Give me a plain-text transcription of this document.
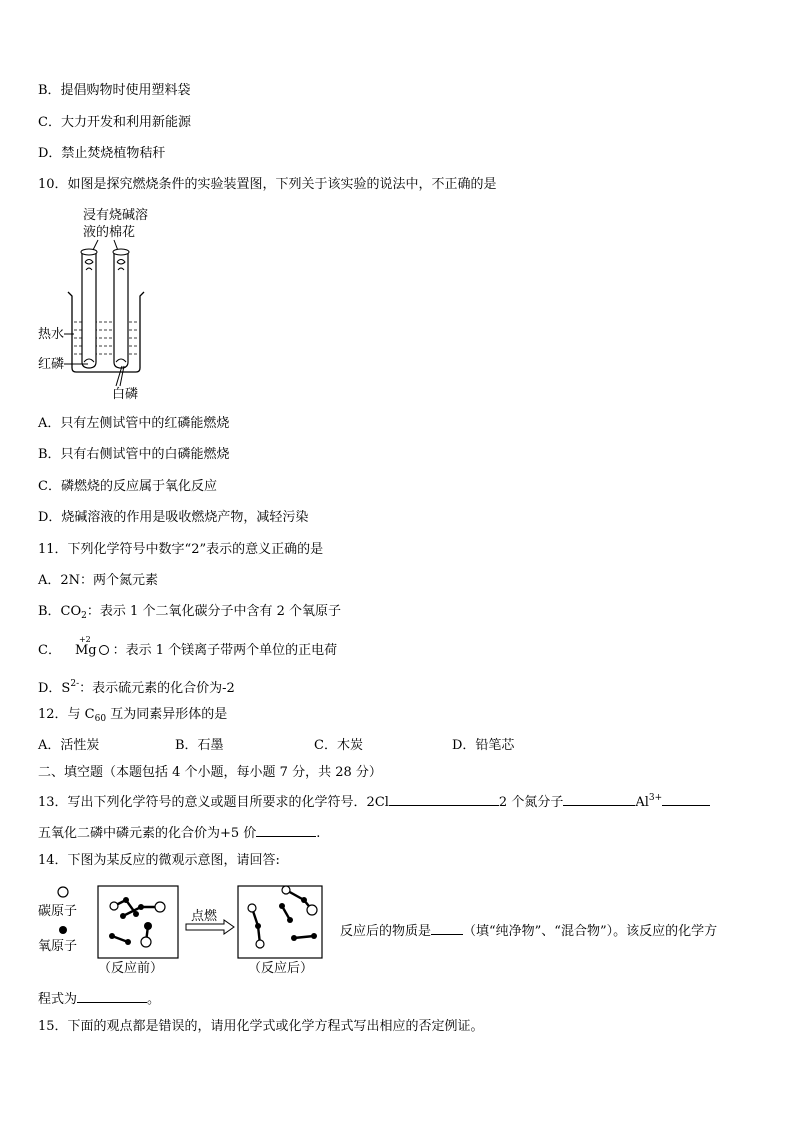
B．提倡购物时使用塑料袋
C．大力开发和利用新能源
D．禁止焚烧植物秸秆
10．如图是探究燃烧条件的实验装置图，下列关于该实验的说法中，不正确的是
浸有烧碱溶
液的棉花
热水
红磷
白磷
A．只有左侧试管中的红磷能燃烧
B．只有右侧试管中的白磷能燃烧
C．磷燃烧的反应属于氧化反应
D．烧碱溶液的作用是吸收燃烧产物，减轻污染
11．下列化学符号中数字“2”表示的意义正确的是
A．2N：两个氮元素
B．$CO_2$：表示 1 个二氧化碳分子中含有 2 个氧原子
C．
+2
Mg ：表示 1 个镁离子带两个单位的正电荷
D．$S^{2-}$：表示硫元素的化合价为-2
12．与 $C_{60}$ 互为同素异形体的是
A．活性炭	B．石墨	C．木炭	D．铅笔芯
二、填空题（本题包括 4 个小题，每小题 7 分，共 28 分）
13．写出下列化学符号的意义或题目所要求的化学符号．2Cl	2 个氮分子	$Al^{3+}$
五氧化二磷中磷元素的化合价为+5 价	.
14．下图为某反应的微观示意图，请回答:
碳原子
氧原子
点燃
（反应前）	（反应后）
反应后的物质是 （填“纯净物”、“混合物”）。该反应的化学方
程式为	。
15．下面的观点都是错误的，请用化学式或化学方程式写出相应的否定例证。
